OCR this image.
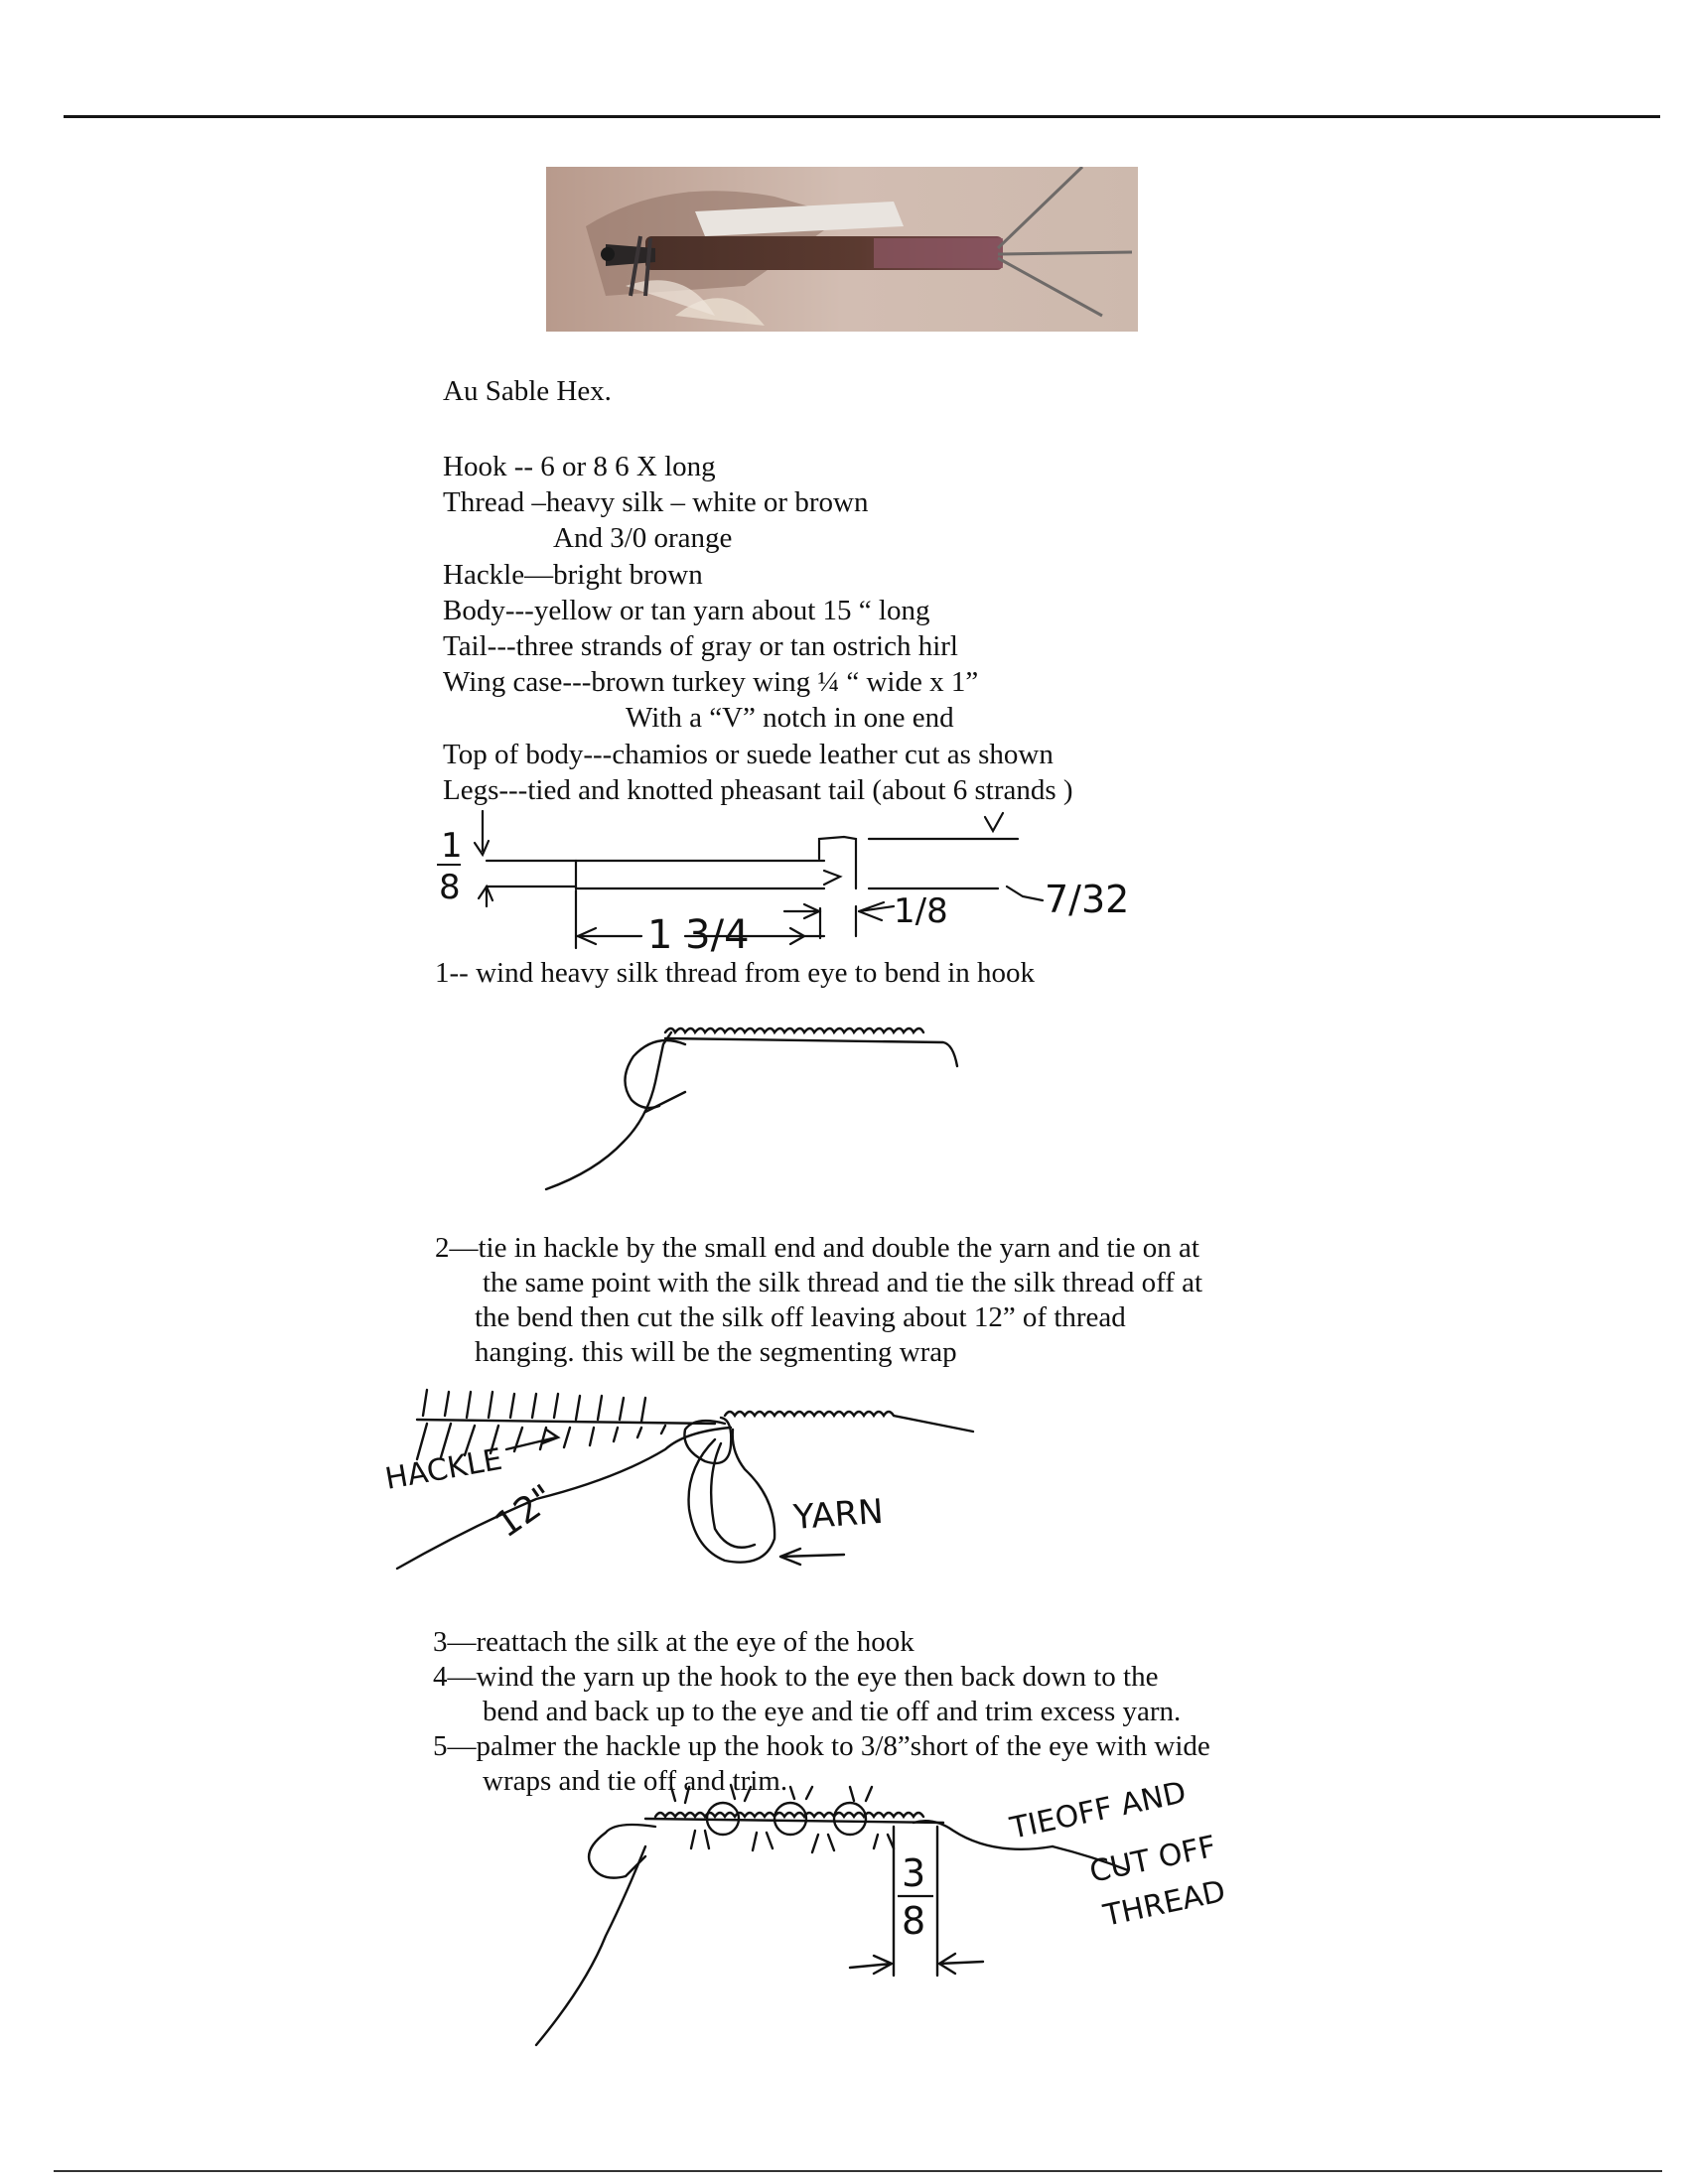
Au Sable Hex.
Hook -- 6 or 8 6 X long
Thread –heavy silk – white or brown
And 3/0 orange
Hackle—bright brown
Body---yellow or tan yarn about 15 “ long
Tail---three strands of gray or tan ostrich hirl
Wing case---brown turkey wing ¼ “ wide x 1”
With a “V” notch in one end
Top of body---chamios or suede leather cut as shown
Legs---tied and knotted pheasant tail (about 6 strands )
1
8
1 3/4
1/8	7/32
1-- wind heavy silk thread from eye to bend in hook
2—tie in hackle by the small end and double the yarn and tie on at
the same point with the silk thread and tie the silk thread off at
the bend then cut the silk off leaving about 12” of thread
hanging. this will be the segmenting wrap
HACKLE
12"	YARN
3—reattach the silk at the eye of the hook
4—wind the yarn up the hook to the eye then back down to the
bend and back up to the eye and tie off and trim excess yarn.
5—palmer the hackle up the hook to 3/8”short of the eye with wide
wraps and tie off and trim.
3
8
TIEOFF AND
CUT OFF
THREAD
